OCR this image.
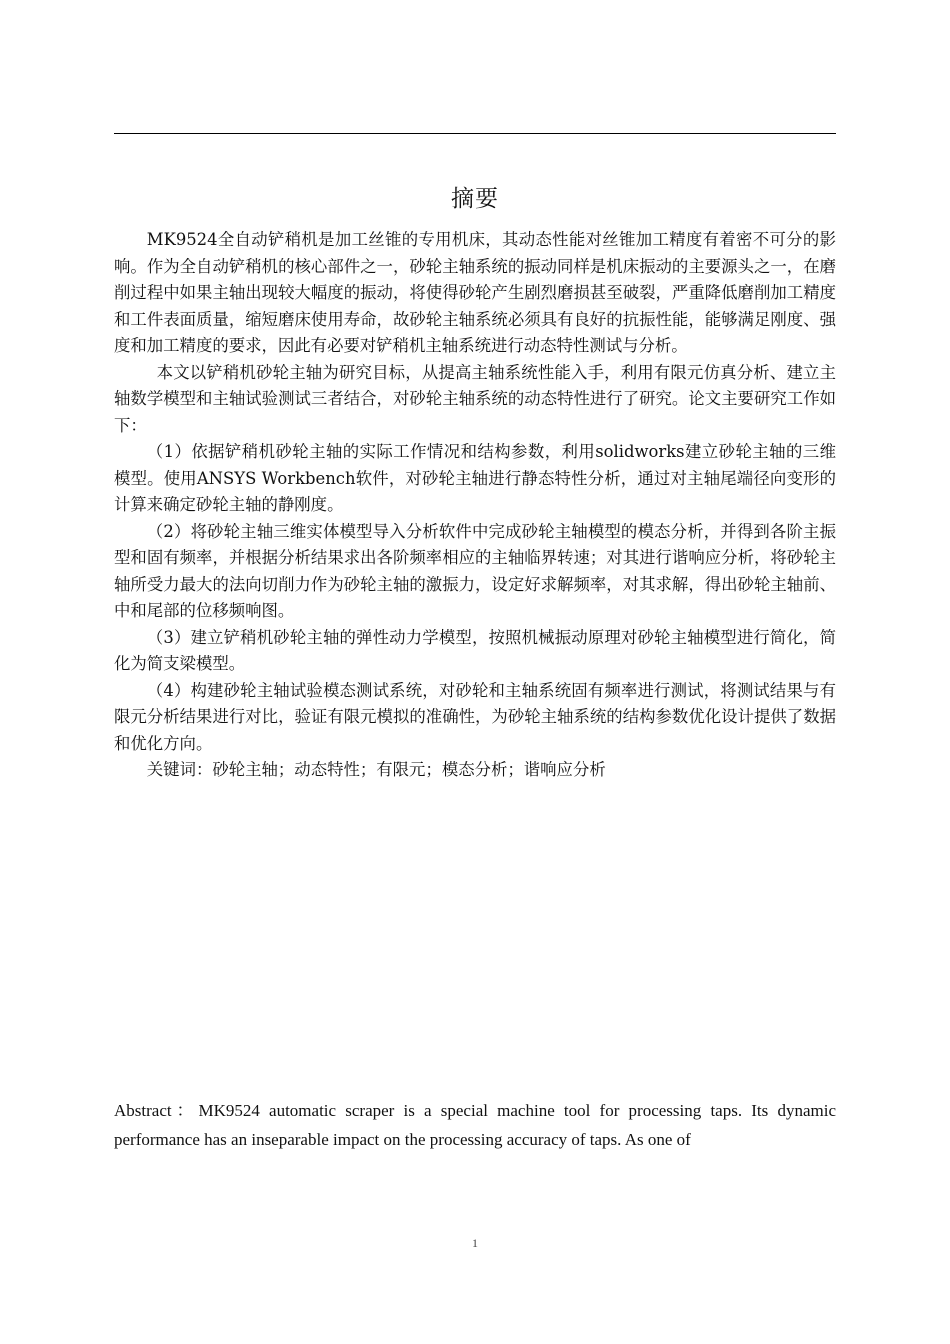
摘要

MK9524全自动铲稍机是加工丝锥的专用机床，其动态性能对丝锥加工精度有着密不可分的影响。作为全自动铲稍机的核心部件之一，砂轮主轴系统的振动同样是机床振动的主要源头之一，在磨削过程中如果主轴出现较大幅度的振动，将使得砂轮产生剧烈磨损甚至破裂，严重降低磨削加工精度和工件表面质量，缩短磨床使用寿命，故砂轮主轴系统必须具有良好的抗振性能，能够满足刚度、强度和加工精度的要求，因此有必要对铲稍机主轴系统进行动态特性测试与分析。

本文以铲稍机砂轮主轴为研究目标，从提高主轴系统性能入手，利用有限元仿真分析、建立主轴数学模型和主轴试验测试三者结合，对砂轮主轴系统的动态特性进行了研究。论文主要研究工作如下：

（1）依据铲稍机砂轮主轴的实际工作情况和结构参数，利用solidworks建立砂轮主轴的三维模型。使用ANSYS Workbench软件，对砂轮主轴进行静态特性分析，通过对主轴尾端径向变形的计算来确定砂轮主轴的静刚度。

（2）将砂轮主轴三维实体模型导入分析软件中完成砂轮主轴模型的模态分析，并得到各阶主振型和固有频率，并根据分析结果求出各阶频率相应的主轴临界转速；对其进行谐响应分析，将砂轮主轴所受力最大的法向切削力作为砂轮主轴的激振力，设定好求解频率，对其求解，得出砂轮主轴前、中和尾部的位移频响图。

（3）建立铲稍机砂轮主轴的弹性动力学模型，按照机械振动原理对砂轮主轴模型进行简化，简化为简支梁模型。

（4）构建砂轮主轴试验模态测试系统，对砂轮和主轴系统固有频率进行测试，将测试结果与有限元分析结果进行对比，验证有限元模拟的准确性，为砂轮主轴系统的结构参数优化设计提供了数据和优化方向。

关键词：砂轮主轴；动态特性；有限元；模态分析；谐响应分析

Abstract：MK9524 automatic scraper is a special machine tool for processing taps. Its dynamic performance has an inseparable impact on the processing accuracy of taps. As one of

1
